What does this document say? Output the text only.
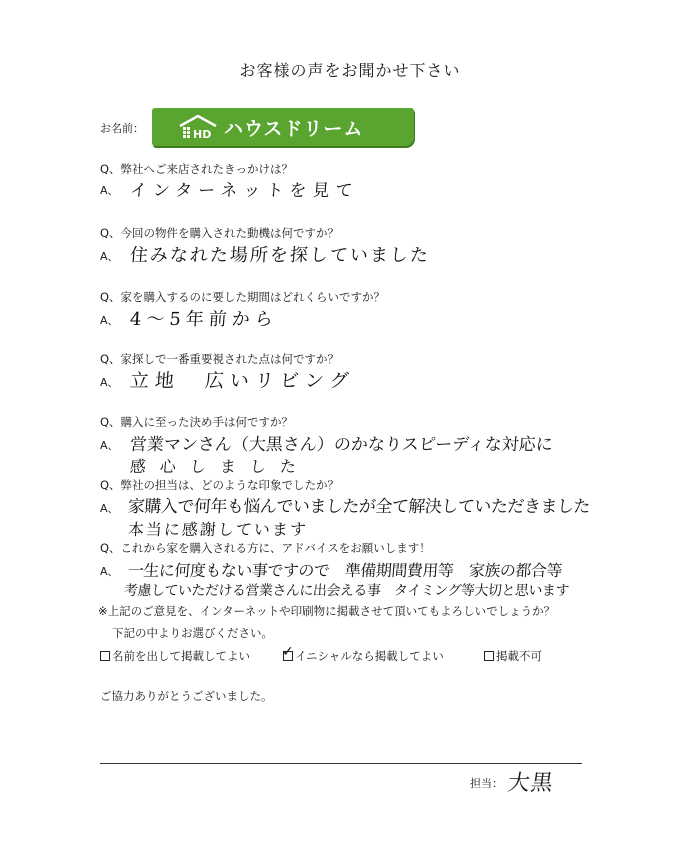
お客様の声をお聞かせ下さい
お名前：	HD ハウスドリーム
Q、弊社へご来店されたきっかけは？
A、 インターネットを見て
Q、今回の物件を購入された動機は何ですか？
A、 住みなれた場所を探していました
Q、家を購入するのに要した期間はどれくらいですか？
A、 4～5年前から
Q、家探しで一番重要視された点は何ですか？
A、 立地　広いリビング
Q、購入に至った決め手は何ですか？
A、 営業マンさん（大黒さん）のかなりスピーディな対応に
感心しました
Q、弊社の担当は、どのような印象でしたか？
A、 家購入で何年も悩んでいましたが全て解決していただきました
本当に感謝しています
Q、これから家を購入される方に、アドバイスをお願いします！
A、 一生に何度もない事ですので　準備期間費用等　家族の都合等
考慮していただける営業さんに出会える事　タイミング等大切と思います
※上記のご意見を、インターネットや印刷物に掲載させて頂いてもよろしいでしょうか？
下記の中よりお選びください。
名前を出して掲載してよい ✓ イニシャルなら掲載してよい	掲載不可
ご協力ありがとうございました。
担当： 大黒
